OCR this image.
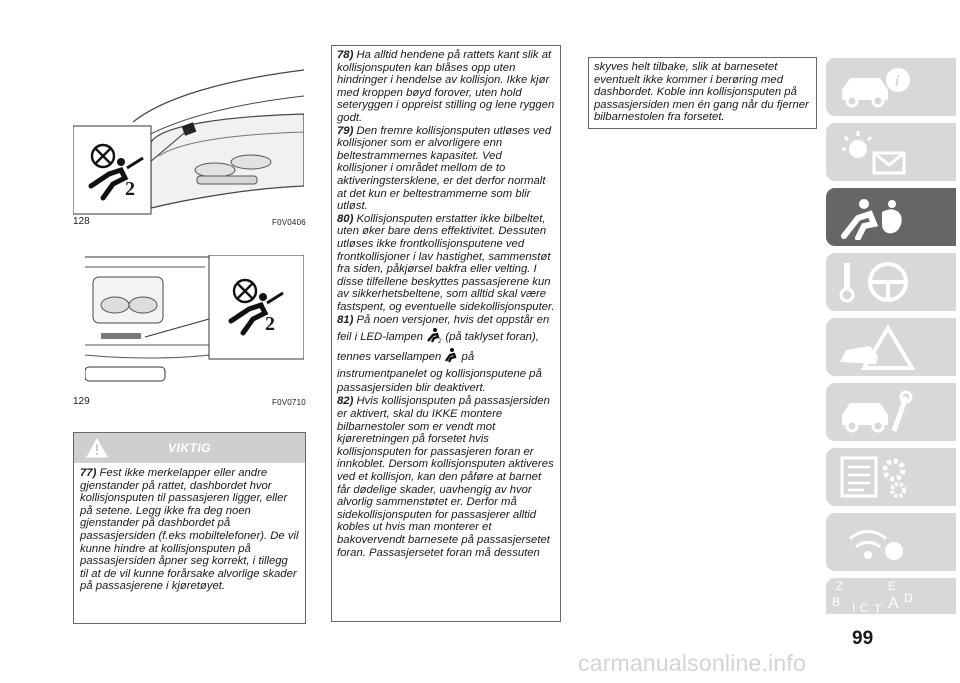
2
128	F0V0406
2
129	F0V0710
VIKTIG

77) Fest ikke merkelapper eller andre gjenstander på rattet, dashbordet hvor kollisjonsputen til passasjeren ligger, eller på setene. Legg ikke fra deg noen gjenstander på dashbordet på passasjersiden (f.eks mobiltelefoner). De vil kunne hindre at kollisjonsputen på passasjersiden åpner seg korrekt, i tillegg til at de vil kunne forårsake alvorlige skader på passasjerene i kjøretøyet.

78) Ha alltid hendene på rattets kant slik at kollisjonsputen kan blåses opp uten hindringer i hendelse av kollisjon. Ikke kjør med kroppen bøyd forover, uten hold seteryggen i oppreist stilling og lene ryggen godt.

79) Den fremre kollisjonsputen utløses ved kollisjoner som er alvorligere enn beltestrammernes kapasitet. Ved kollisjoner i området mellom de to aktiveringstersklene, er det derfor normalt at det kun er beltestrammerne som blir utløst.

80) Kollisjonsputen erstatter ikke bilbeltet, uten øker bare dens effektivitet. Dessuten utløses ikke frontkollisjonsputene ved frontkollisjoner i lav hastighet, sammenstøt fra siden, påkjørsel bakfra eller velting. I disse tilfellene beskyttes passasjerene kun av sikkerhetsbeltene, som alltid skal være fastspent, og eventuelle sidekollisjonsputer.

81) På noen versjoner, hvis det oppstår en feil i LED-lampen	2 (på taklyset foran), tennes varsellampen på instrumentpanelet og kollisjonsputene på passasjersiden blir deaktivert.

82) Hvis kollisjonsputen på passasjersiden er aktivert, skal du IKKE montere bilbarnestoler som er vendt mot kjøreretningen på forsetet hvis kollisjonsputen for passasjeren foran er innkoblet. Dersom kollisjonsputen aktiveres ved et kollisjon, kan den påføre at barnet får dødelige skader, uavhengig av hvor alvorlig sammenstøtet er. Derfor må sidekollisjonsputen for passasjerer alltid kobles ut hvis man monterer et bakovervendt barnesete på passasjersetet foran. Passasjersetet foran må dessuten

skyves helt tilbake, slik at barnesetet eventuelt ikke kommer i berøring med dashbordet. Koble inn kollisjonsputen på passasjersiden men én gang når du fjerner bilbarnestolen fra forsetet.

i
Z	E
B	A D
I C T
99
carmanualsonline.info
